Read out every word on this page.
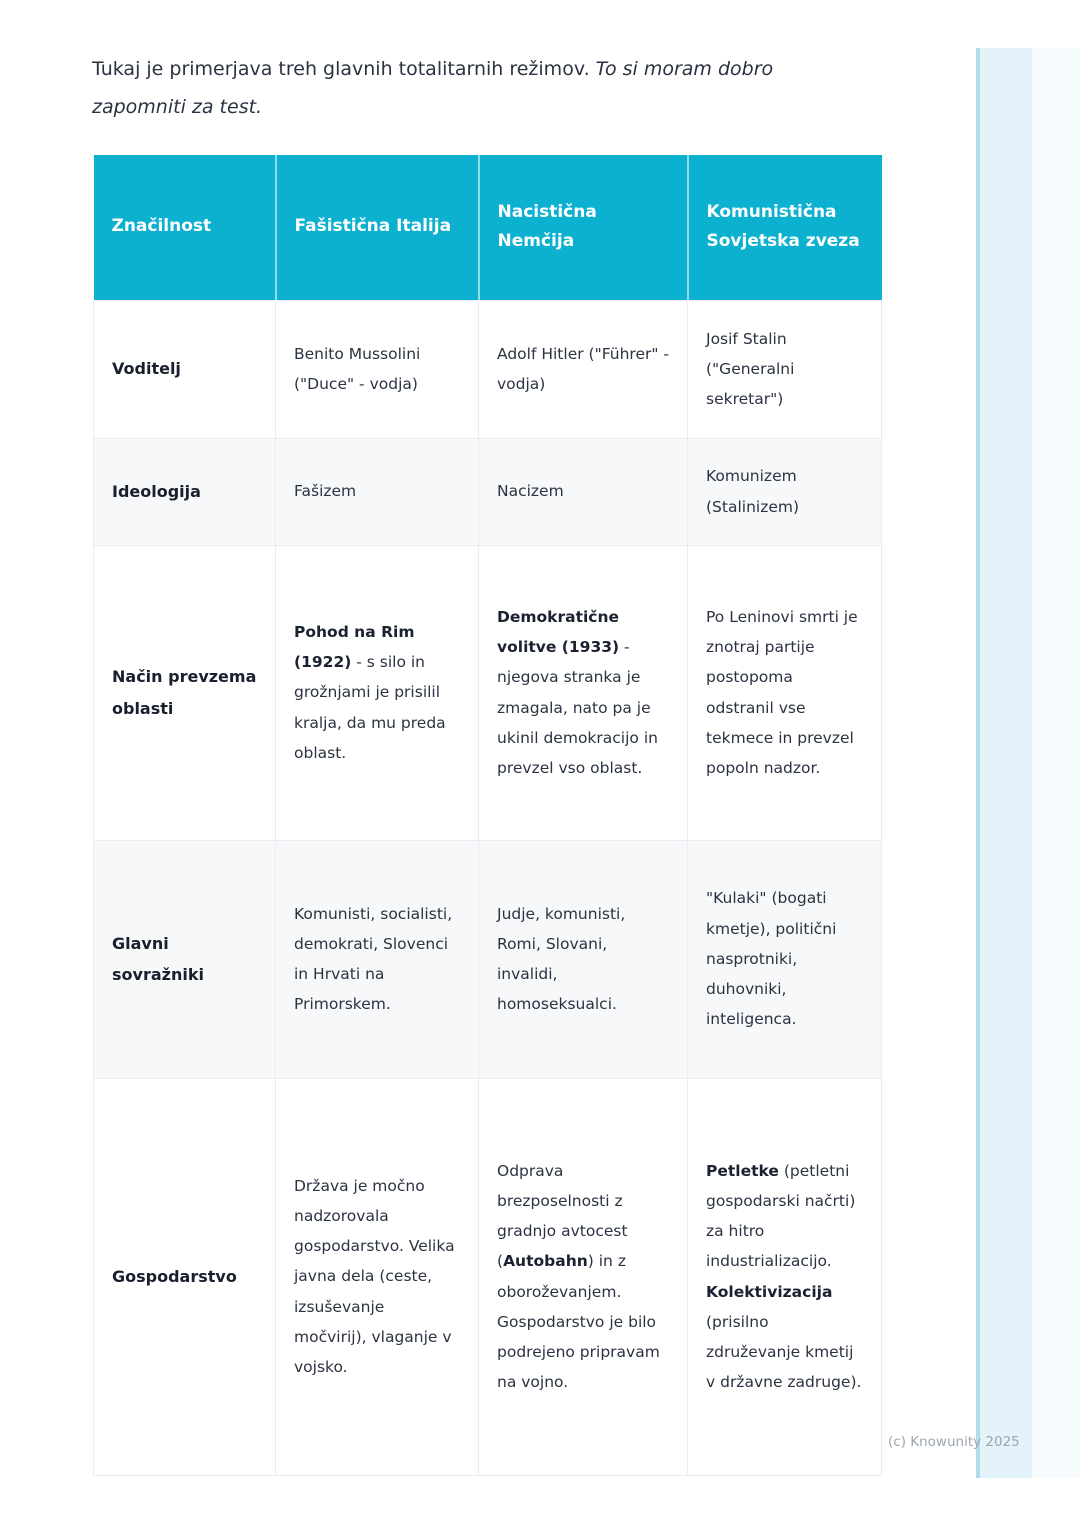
Tukaj je primerjava treh glavnih totalitarnih režimov. To si moram dobro zapomniti za test.

Značilnost	Fašistična Italija	Nacistična Nemčija	Komunistična Sovjetska zveza
Voditelj	Benito Mussolini ("Duce" - vodja)	Adolf Hitler ("Führer" - vodja)	Josif Stalin ("Generalni sekretar")
Ideologija	Fašizem	Nacizem	Komunizem (Stalinizem)
Način prevzema oblasti	Pohod na Rim (1922) - s silo in grožnjami je prisilil kralja, da mu preda oblast.	Demokratične volitve (1933) - njegova stranka je zmagala, nato pa je ukinil demokracijo in prevzel vso oblast.	Po Leninovi smrti je znotraj partije postopoma odstranil vse tekmece in prevzel popoln nadzor.
Glavni sovražniki	Komunisti, socialisti, demokrati, Slovenci in Hrvati na Primorskem.	Judje, komunisti, Romi, Slovani, invalidi, homoseksualci.	"Kulaki" (bogati kmetje), politični nasprotniki, duhovniki, inteligenca.
Gospodarstvo	Država je močno nadzorovala gospodarstvo. Velika javna dela (ceste, izsuševanje močvirij), vlaganje v vojsko.	Odprava brezposelnosti z gradnjo avtocest (Autobahn) in z oboroževanjem. Gospodarstvo je bilo podrejeno pripravam na vojno.	Petletke (petletni gospodarski načrti) za hitro industrializacijo. Kolektivizacija (prisilno združevanje kmetij v državne zadruge).
(c) Knowunity 2025
